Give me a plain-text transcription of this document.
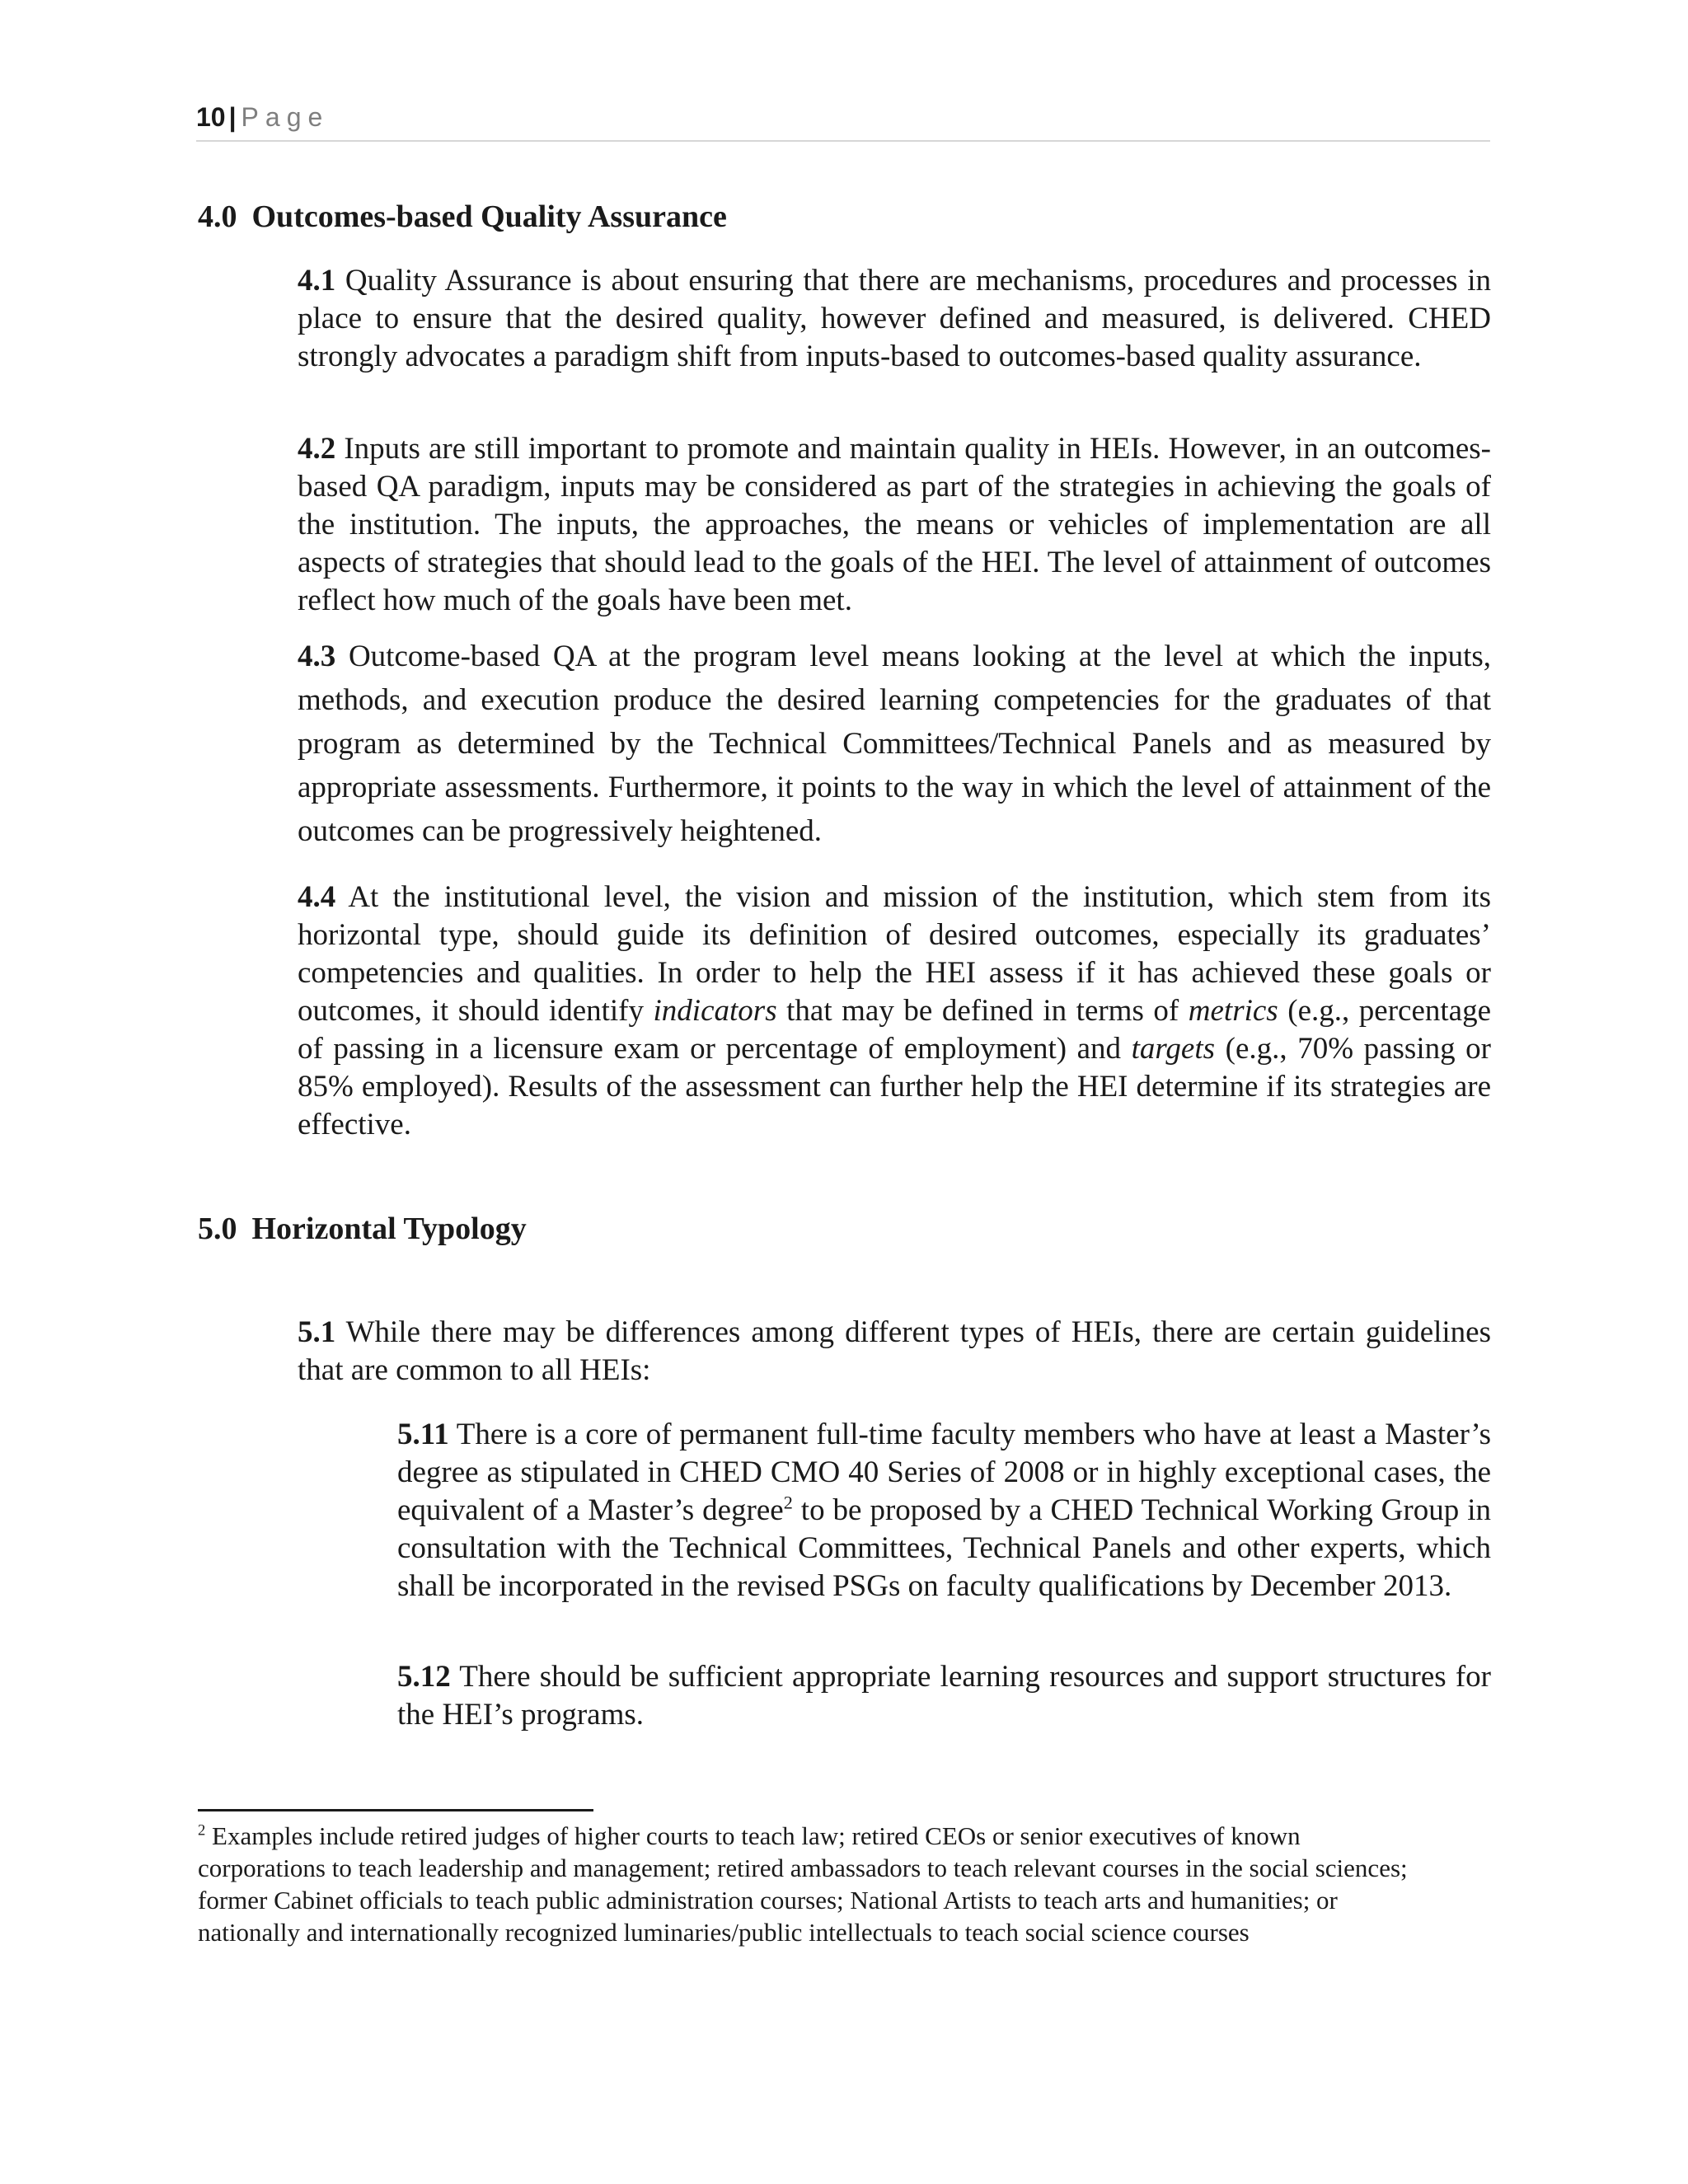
10 | Page
4.0 Outcomes-based Quality Assurance

4.1 Quality Assurance is about ensuring that there are mechanisms, procedures and processes in place to ensure that the desired quality, however defined and measured, is delivered. CHED strongly advocates a paradigm shift from inputs-based to outcomes-based quality assurance.

4.2 Inputs are still important to promote and maintain quality in HEIs. However, in an outcomes-based QA paradigm, inputs may be considered as part of the strategies in achieving the goals of the institution. The inputs, the approaches, the means or vehicles of implementation are all aspects of strategies that should lead to the goals of the HEI. The level of attainment of outcomes reflect how much of the goals have been met.

4.3 Outcome-based QA at the program level means looking at the level at which the inputs, methods, and execution produce the desired learning competencies for the graduates of that program as determined by the Technical Committees/Technical Panels and as measured by appropriate assessments. Furthermore, it points to the way in which the level of attainment of the outcomes can be progressively heightened.

4.4 At the institutional level, the vision and mission of the institution, which stem from its horizontal type, should guide its definition of desired outcomes, especially its graduates’ competencies and qualities. In order to help the HEI assess if it has achieved these goals or outcomes, it should identify indicators that may be defined in terms of metrics (e.g., percentage of passing in a licensure exam or percentage of employment) and targets (e.g., 70% passing or 85% employed). Results of the assessment can further help the HEI determine if its strategies are effective.

5.0 Horizontal Typology

5.1 While there may be differences among different types of HEIs, there are certain guidelines that are common to all HEIs:

5.11 There is a core of permanent full-time faculty members who have at least a Master’s degree as stipulated in CHED CMO 40 Series of 2008 or in highly exceptional cases, the equivalent of a Master’s degree$^2$ to be proposed by a CHED Technical Working Group in consultation with the Technical Committees, Technical Panels and other experts, which shall be incorporated in the revised PSGs on faculty qualifications by December 2013.

5.12 There should be sufficient appropriate learning resources and support structures for the HEI’s programs.

$^2$ Examples include retired judges of higher courts to teach law; retired CEOs or senior executives of known corporations to teach leadership and management; retired ambassadors to teach relevant courses in the social sciences; former Cabinet officials to teach public administration courses; National Artists to teach arts and humanities; or nationally and internationally recognized luminaries/public intellectuals to teach social science courses
